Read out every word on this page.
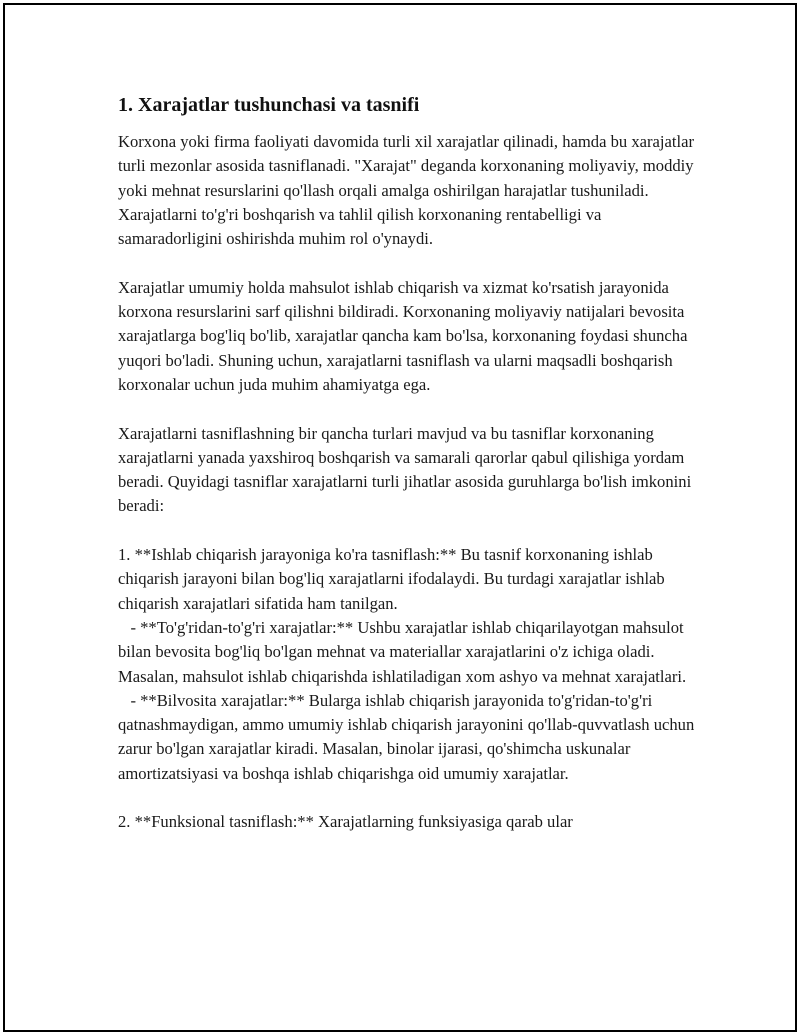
1. Xarajatlar tushunchasi va tasnifi

Korxona yoki firma faoliyati davomida turli xil xarajatlar qilinadi, hamda bu xarajatlar turli mezonlar asosida tasniflanadi. "Xarajat" deganda korxonaning moliyaviy, moddiy yoki mehnat resurslarini qo'llash orqali amalga oshirilgan harajatlar tushuniladi. Xarajatlarni to'g'ri boshqarish va tahlil qilish korxonaning rentabelligi va samaradorligini oshirishda muhim rol o'ynaydi.

Xarajatlar umumiy holda mahsulot ishlab chiqarish va xizmat ko'rsatish jarayonida korxona resurslarini sarf qilishni bildiradi. Korxonaning moliyaviy natijalari bevosita xarajatlarga bog'liq bo'lib, xarajatlar qancha kam bo'lsa, korxonaning foydasi shuncha yuqori bo'ladi. Shuning uchun, xarajatlarni tasniflash va ularni maqsadli boshqarish korxonalar uchun juda muhim ahamiyatga ega.

Xarajatlarni tasniflashning bir qancha turlari mavjud va bu tasniflar korxonaning xarajatlarni yanada yaxshiroq boshqarish va samarali qarorlar qabul qilishiga yordam beradi. Quyidagi tasniflar xarajatlarni turli jihatlar asosida guruhlarga bo'lish imkonini beradi:

1. **Ishlab chiqarish jarayoniga ko'ra tasniflash:** Bu tasnif korxonaning ishlab chiqarish jarayoni bilan bog'liq xarajatlarni ifodalaydi. Bu turdagi xarajatlar ishlab chiqarish xarajatlari sifatida ham tanilgan.
- **To'g'ridan-to'g'ri xarajatlar:** Ushbu xarajatlar ishlab chiqarilayotgan mahsulot bilan bevosita bog'liq bo'lgan mehnat va materiallar xarajatlarini o'z ichiga oladi. Masalan, mahsulot ishlab chiqarishda ishlatiladigan xom ashyo va mehnat xarajatlari.
- **Bilvosita xarajatlar:** Bularga ishlab chiqarish jarayonida to'g'ridan-to'g'ri qatnashmaydigan, ammo umumiy ishlab chiqarish jarayonini qo'llab-quvvatlash uchun zarur bo'lgan xarajatlar kiradi. Masalan, binolar ijarasi, qo'shimcha uskunalar amortizatsiyasi va boshqa ishlab chiqarishga oid umumiy xarajatlar.

2. **Funksional tasniflash:** Xarajatlarning funksiyasiga qarab ular
